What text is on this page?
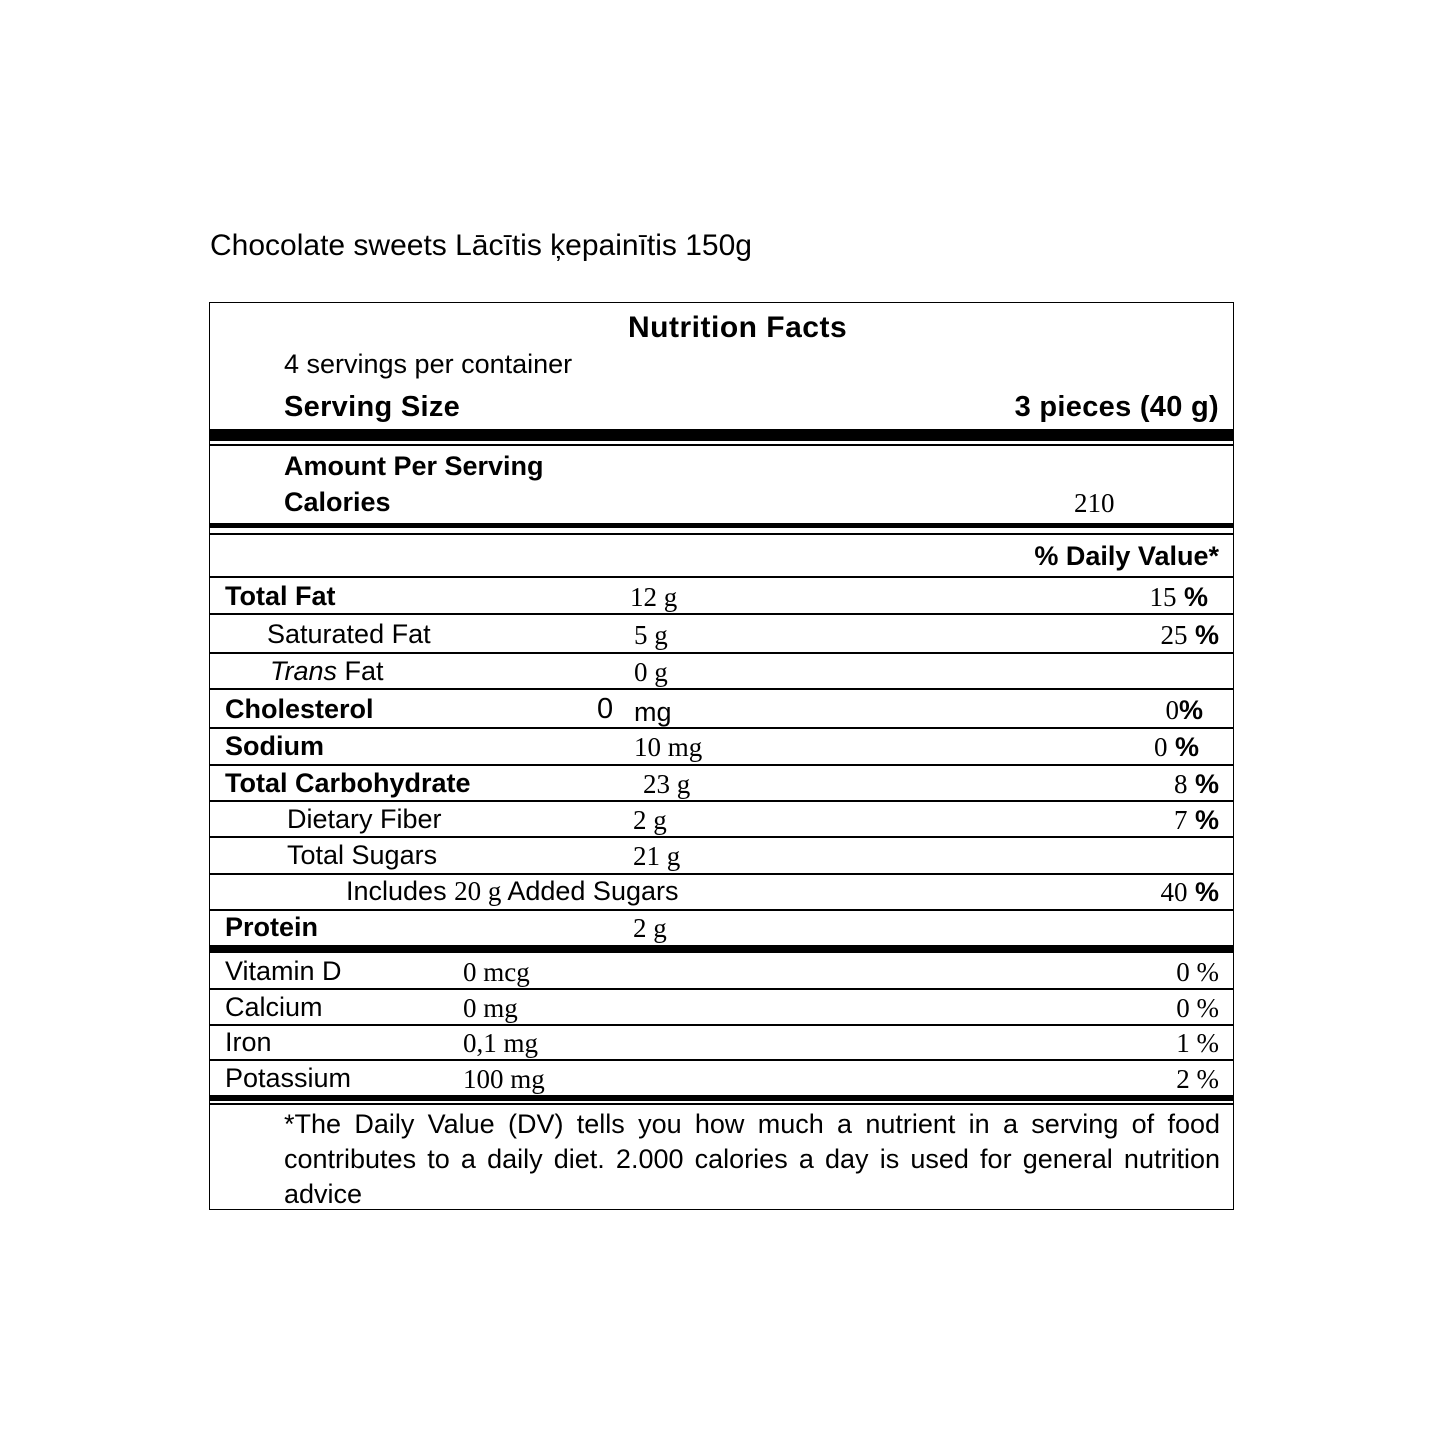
Chocolate sweets Lācītis ķepainītis 150g
Nutrition Facts
4 servings per container
Serving Size	3 pieces (40 g)
Amount Per Serving
Calories	210
% Daily Value*
Total Fat	12 g	15 %
Saturated Fat	5 g	25 %
Trans Fat	0 g
Cholesterol	0 mg	0%
Sodium	10 mg	0 %
Total Carbohydrate	23 g	8 %
Dietary Fiber	2 g	7 %
Total Sugars	21 g
Includes 20 g Added Sugars	40 %
Protein	2 g
Vitamin D	0 mcg	0 %
Calcium	0 mg	0 %
Iron	0,1 mg	1 %
Potassium	100 mg	2 %
*The Daily Value (DV) tells you how much a nutrient in a serving of food contributes to a daily diet. 2.000 calories a day is used for general nutrition advice
